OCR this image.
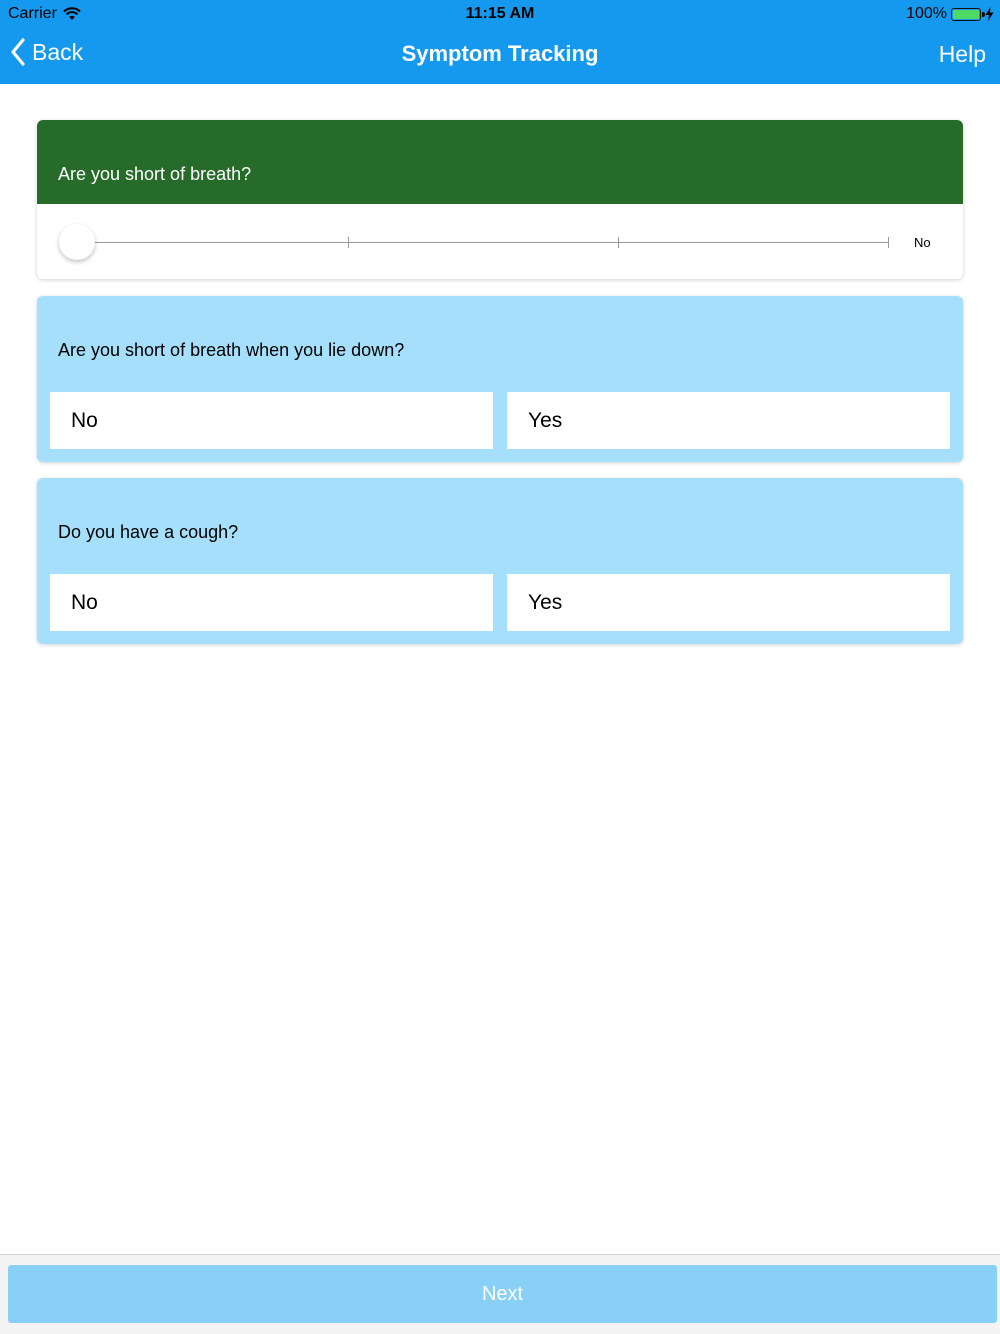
Carrier	11:15 AM	100%
Back	Symptom Tracking	Help
Are you short of breath?
No
Are you short of breath when you lie down?
No	Yes
Do you have a cough?
No	Yes
Next
